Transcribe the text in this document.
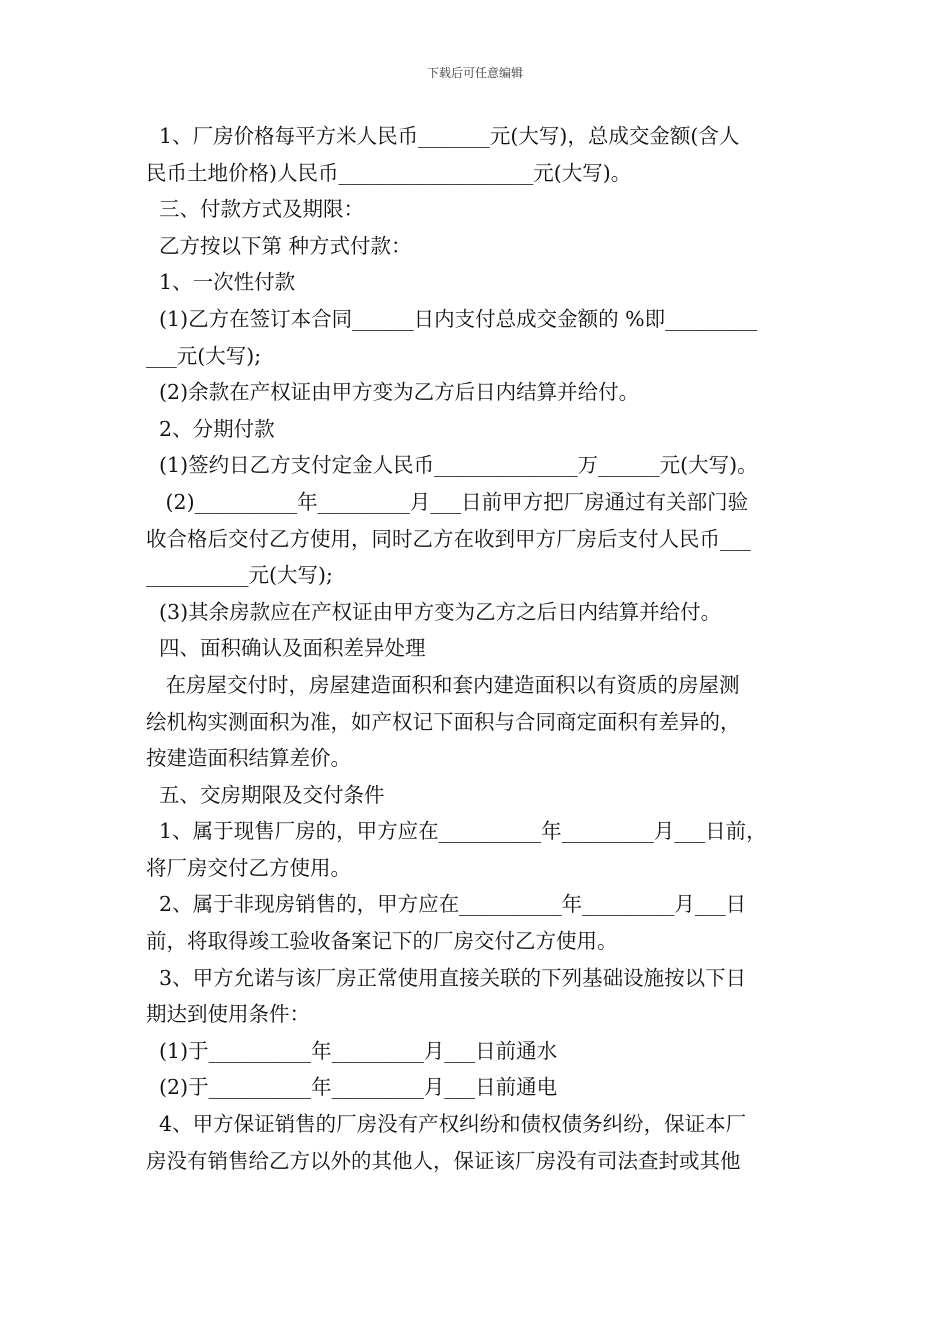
下载后可任意编辑
1、厂房价格每平方米人民币_______元(大写)，总成交金额(含人
民币土地价格)人民币___________________元(大写)。
三、付款方式及期限：
乙方按以下第 种方式付款：
1、一次性付款
(1)乙方在签订本合同______日内支付总成交金额的 %即_________
___元(大写);
(2)余款在产权证由甲方变为乙方后日内结算并给付。
2、分期付款
(1)签约日乙方支付定金人民币______________万______元(大写)。
(2)__________年_________月___日前甲方把厂房通过有关部门验
收合格后交付乙方使用，同时乙方在收到甲方厂房后支付人民币___
__________元(大写);
(3)其余房款应在产权证由甲方变为乙方之后日内结算并给付。
四、面积确认及面积差异处理
在房屋交付时，房屋建造面积和套内建造面积以有资质的房屋测
绘机构实测面积为准，如产权记下面积与合同商定面积有差异的，
按建造面积结算差价。
五、交房期限及交付条件
1、属于现售厂房的，甲方应在__________年_________月___日前，
将厂房交付乙方使用。
2、属于非现房销售的，甲方应在__________年_________月___日
前，将取得竣工验收备案记下的厂房交付乙方使用。
3、甲方允诺与该厂房正常使用直接关联的下列基础设施按以下日
期达到使用条件：
(1)于__________年_________月___日前通水
(2)于__________年_________月___日前通电
4、甲方保证销售的厂房没有产权纠纷和债权债务纠纷，保证本厂
房没有销售给乙方以外的其他人，保证该厂房没有司法查封或其他
